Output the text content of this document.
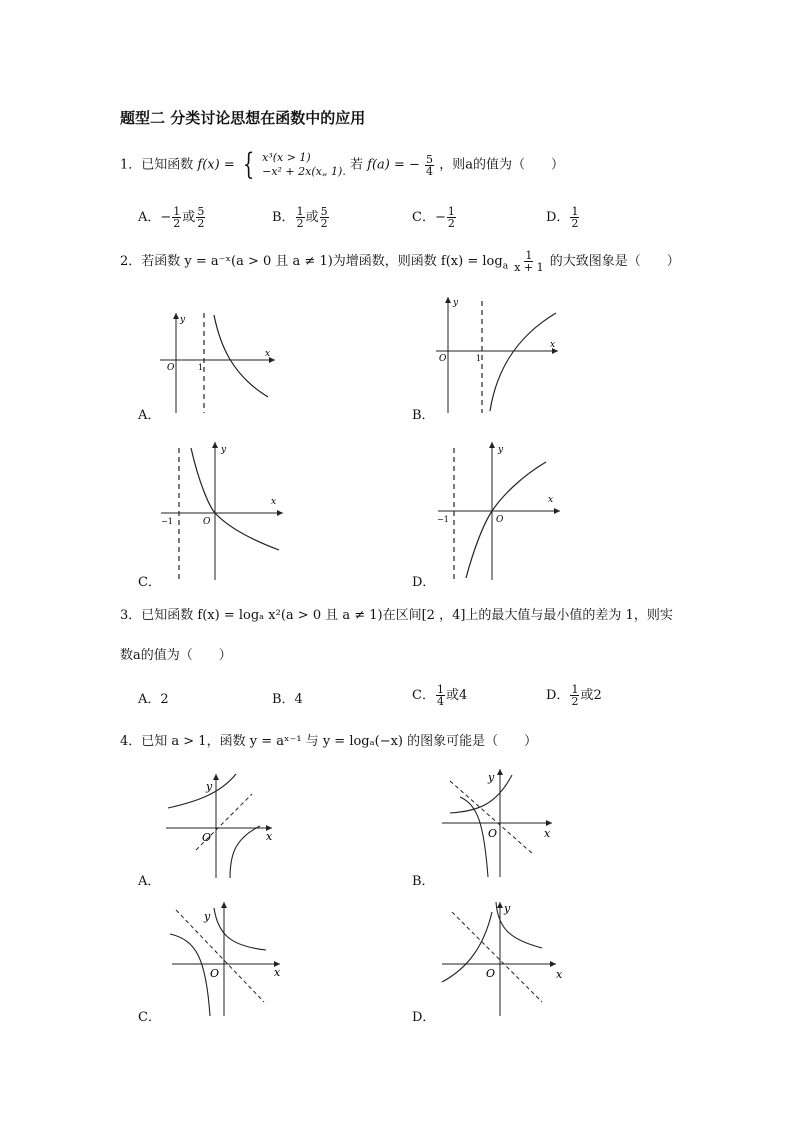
题型二 分类讨论思想在函数中的应用
1．已知函数 f(x) = { x³(x > 1)
−x² + 2x(x„ 1). 若 f(a) = − $\frac{5}{4}$ ，则a的值为（　　）
A．− $\frac{1}{2}$ 或 $\frac{5}{2}$	B． $\frac{1}{2}$ 或 $\frac{5}{2}$	C．− $\frac{1}{2}$	D． $\frac{1}{2}$
2．若函数 y = a⁻ˣ(a > 0 且 a ≠ 1)为增函数，则函数 $f(x) = \log_a \frac{1}{x + 1}$ 的大致图象是（　　）
y
x
O	1
A．
y
x
O	1
B．
y
x
O
−1
C．
y
x
O
−1
D．
3．已知函数 f(x) = logₐ x²(a > 0 且 a ≠ 1)在区间[2 ，4]上的最大值与最小值的差为 1，则实
数a的值为（　　）
A．2	B．4	C． $\frac{1}{4}$ 或4	D． $\frac{1}{2}$ 或2
4．已知 a > 1，函数 y = aˣ⁻¹ 与 y = logₐ(−x) 的图象可能是（　　）
y
x
O
A．
y
x
O
B．
y
x
O
C．
y
x
O
D．
